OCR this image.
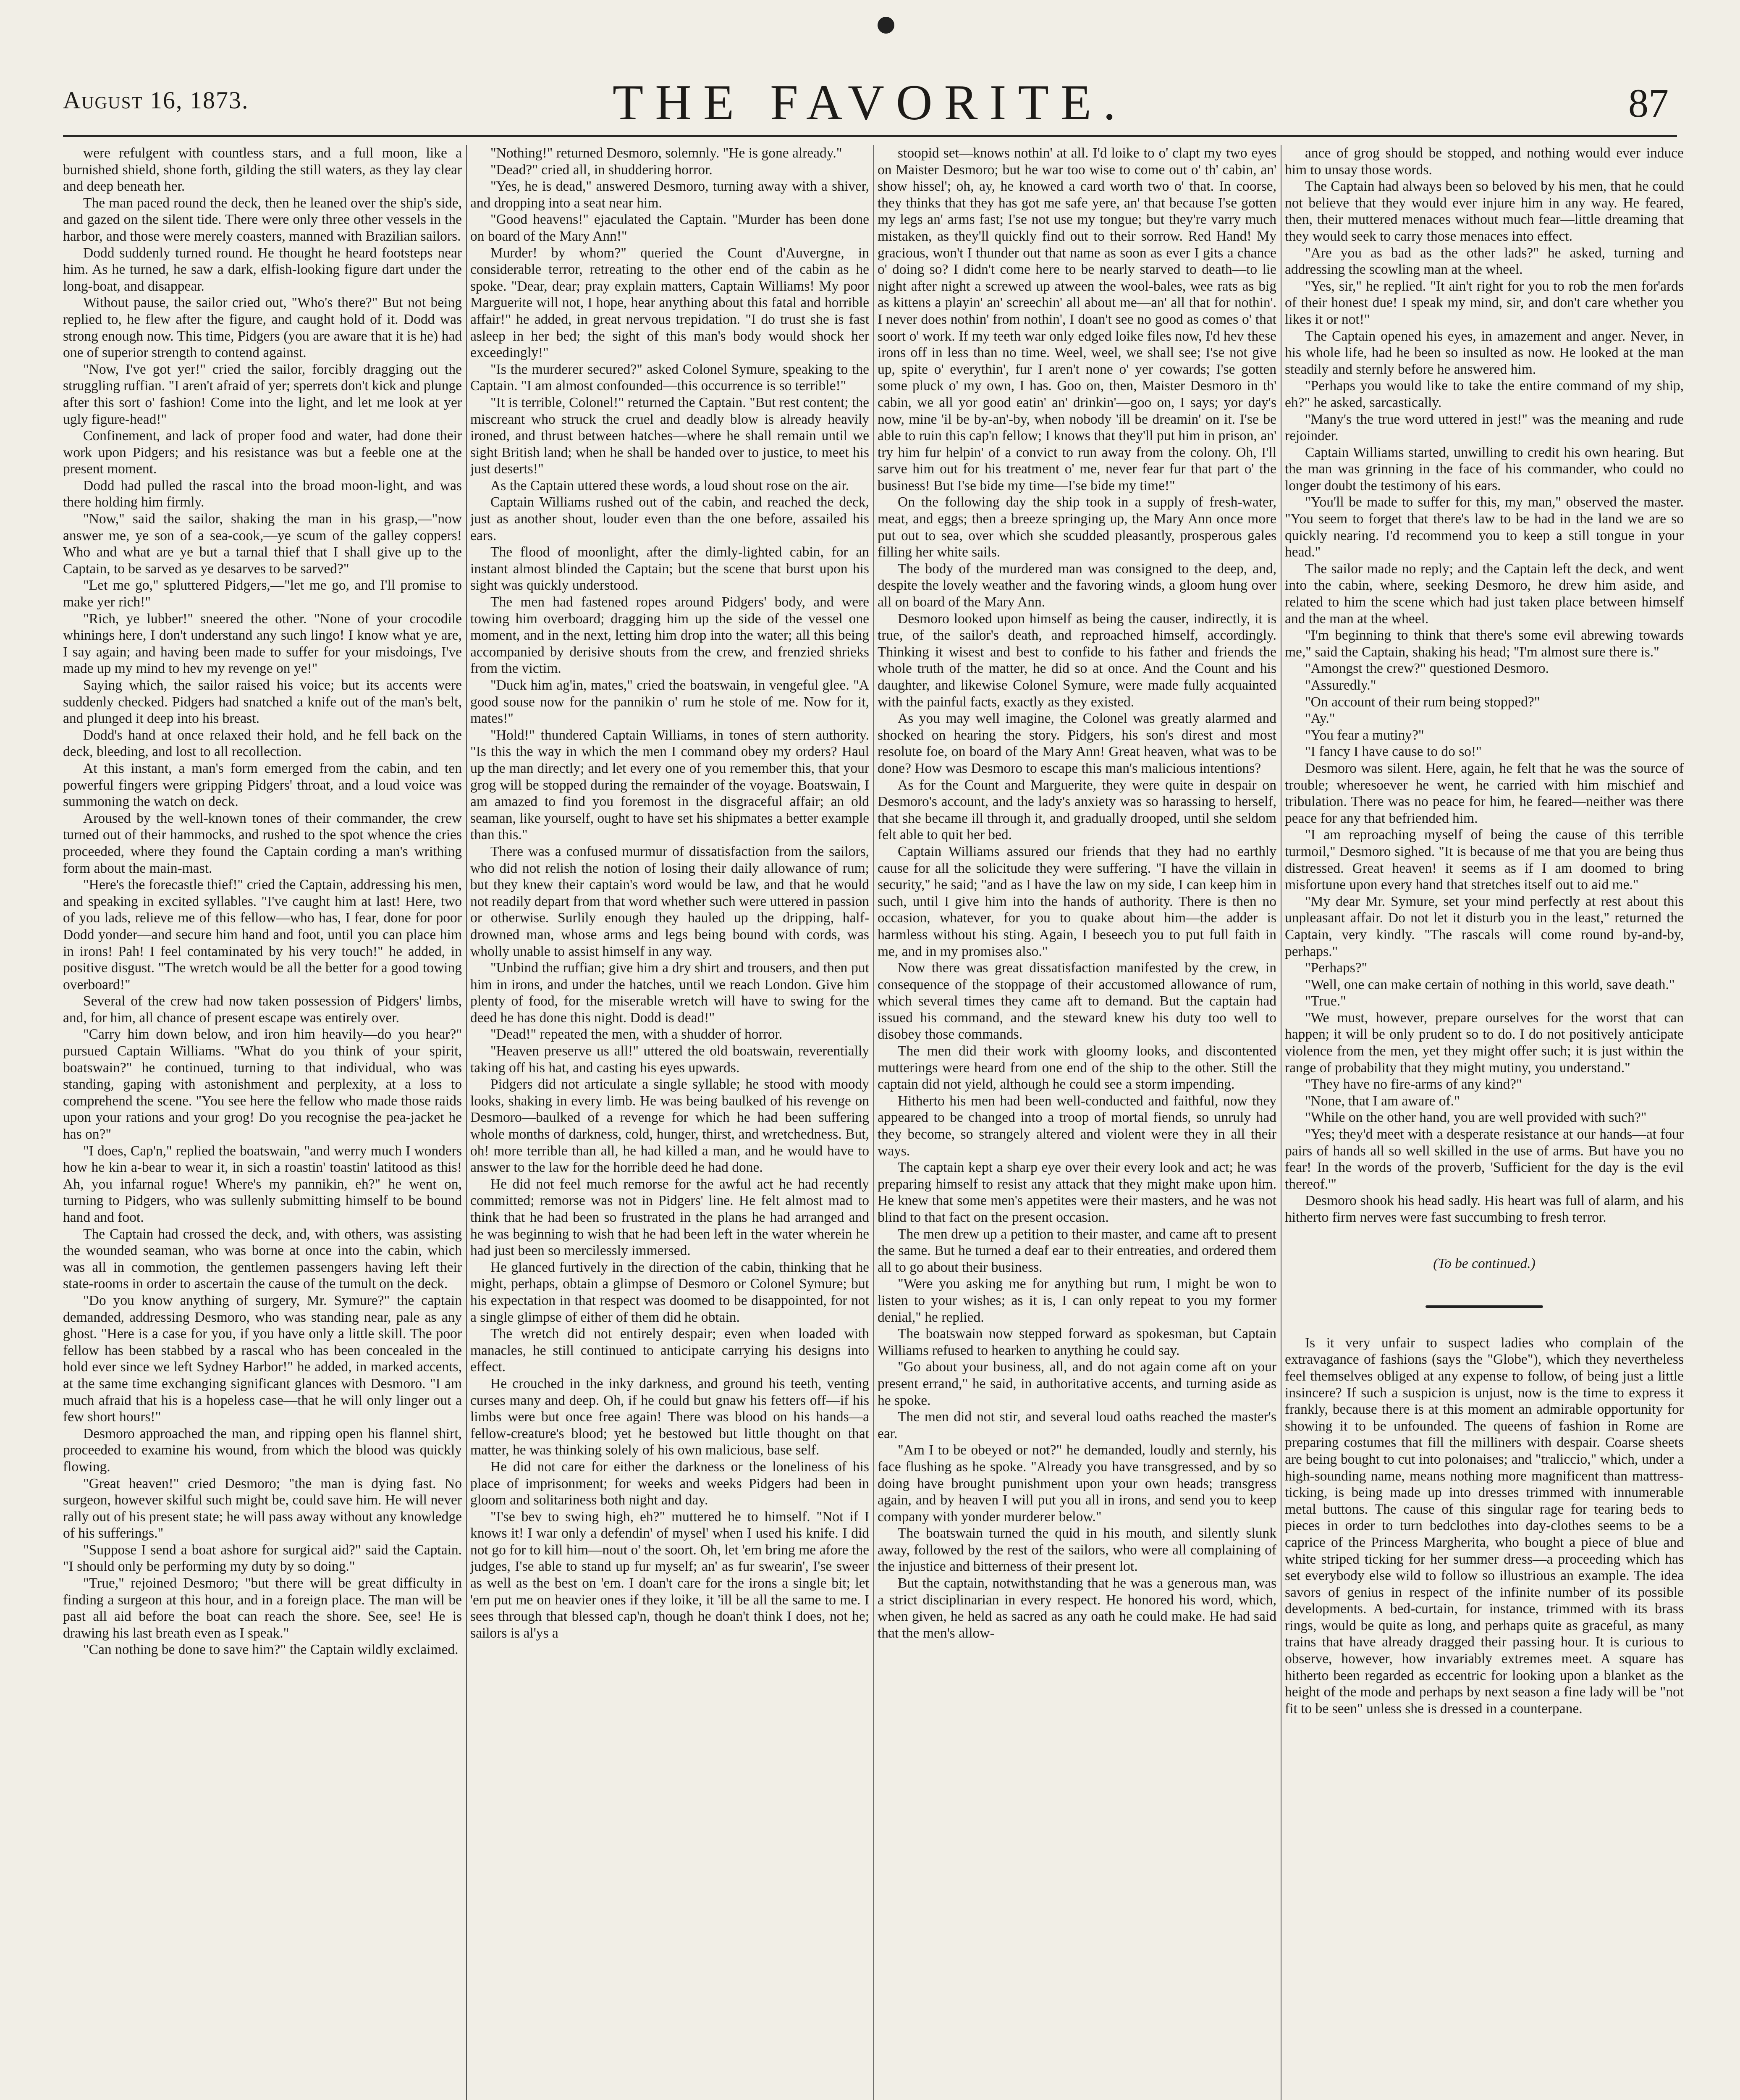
August 16, 1873.	THE FAVORITE.	87

were refulgent with countless stars, and a full moon, like a burnished shield, shone forth, gilding the still waters, as they lay clear and deep beneath her.

The man paced round the deck, then he leaned over the ship's side, and gazed on the silent tide. There were only three other vessels in the harbor, and those were merely coasters, manned with Brazilian sailors.

Dodd suddenly turned round. He thought he heard footsteps near him. As he turned, he saw a dark, elfish-looking figure dart under the long-boat, and disappear.

Without pause, the sailor cried out, "Who's there?" But not being replied to, he flew after the figure, and caught hold of it. Dodd was strong enough now. This time, Pidgers (you are aware that it is he) had one of superior strength to contend against.

"Now, I've got yer!" cried the sailor, forcibly dragging out the struggling ruffian. "I aren't afraid of yer; sperrets don't kick and plunge after this sort o' fashion! Come into the light, and let me look at yer ugly figure-head!"

Confinement, and lack of proper food and water, had done their work upon Pidgers; and his resistance was but a feeble one at the present moment.

Dodd had pulled the rascal into the broad moon-light, and was there holding him firmly.

"Now," said the sailor, shaking the man in his grasp,—"now answer me, ye son of a sea-cook,—ye scum of the galley coppers! Who and what are ye but a tarnal thief that I shall give up to the Captain, to be sarved as ye desarves to be sarved?"

"Let me go," spluttered Pidgers,—"let me go, and I'll promise to make yer rich!"

"Rich, ye lubber!" sneered the other. "None of your crocodile whinings here, I don't understand any such lingo! I know what ye are, I say again; and having been made to suffer for your misdoings, I've made up my mind to hev my revenge on ye!"

Saying which, the sailor raised his voice; but its accents were suddenly checked. Pidgers had snatched a knife out of the man's belt, and plunged it deep into his breast.

Dodd's hand at once relaxed their hold, and he fell back on the deck, bleeding, and lost to all recollection.

At this instant, a man's form emerged from the cabin, and ten powerful fingers were gripping Pidgers' throat, and a loud voice was summoning the watch on deck.

Aroused by the well-known tones of their commander, the crew turned out of their hammocks, and rushed to the spot whence the cries proceeded, where they found the Captain cording a man's writhing form about the main-mast.

"Here's the forecastle thief!" cried the Captain, addressing his men, and speaking in excited syllables. "I've caught him at last! Here, two of you lads, relieve me of this fellow—who has, I fear, done for poor Dodd yonder—and secure him hand and foot, until you can place him in irons! Pah! I feel contaminated by his very touch!" he added, in positive disgust. "The wretch would be all the better for a good towing overboard!"

Several of the crew had now taken possession of Pidgers' limbs, and, for him, all chance of present escape was entirely over.

"Carry him down below, and iron him heavily—do you hear?" pursued Captain Williams. "What do you think of your spirit, boatswain?" he continued, turning to that individual, who was standing, gaping with astonishment and perplexity, at a loss to comprehend the scene. "You see here the fellow who made those raids upon your rations and your grog! Do you recognise the pea-jacket he has on?"

"I does, Cap'n," replied the boatswain, "and werry much I wonders how he kin a-bear to wear it, in sich a roastin' toastin' latitood as this! Ah, you infarnal rogue! Where's my pannikin, eh?" he went on, turning to Pidgers, who was sullenly submitting himself to be bound hand and foot.

The Captain had crossed the deck, and, with others, was assisting the wounded seaman, who was borne at once into the cabin, which was all in commotion, the gentlemen passengers having left their state-rooms in order to ascertain the cause of the tumult on the deck.

"Do you know anything of surgery, Mr. Symure?" the captain demanded, addressing Desmoro, who was standing near, pale as any ghost. "Here is a case for you, if you have only a little skill. The poor fellow has been stabbed by a rascal who has been concealed in the hold ever since we left Sydney Harbor!" he added, in marked accents, at the same time exchanging significant glances with Desmoro. "I am much afraid that his is a hopeless case—that he will only linger out a few short hours!"

Desmoro approached the man, and ripping open his flannel shirt, proceeded to examine his wound, from which the blood was quickly flowing.

"Great heaven!" cried Desmoro; "the man is dying fast. No surgeon, however skilful such might be, could save him. He will never rally out of his present state; he will pass away without any knowledge of his sufferings."

"Suppose I send a boat ashore for surgical aid?" said the Captain. "I should only be performing my duty by so doing."

"True," rejoined Desmoro; "but there will be great difficulty in finding a surgeon at this hour, and in a foreign place. The man will be past all aid before the boat can reach the shore. See, see! He is drawing his last breath even as I speak."

"Can nothing be done to save him?" the Captain wildly exclaimed.

"Nothing!" returned Desmoro, solemnly. "He is gone already."

"Dead?" cried all, in shuddering horror.

"Yes, he is dead," answered Desmoro, turning away with a shiver, and dropping into a seat near him.

"Good heavens!" ejaculated the Captain. "Murder has been done on board of the Mary Ann!"

Murder! by whom?" queried the Count d'Auvergne, in considerable terror, retreating to the other end of the cabin as he spoke. "Dear, dear; pray explain matters, Captain Williams! My poor Marguerite will not, I hope, hear anything about this fatal and horrible affair!" he added, in great nervous trepidation. "I do trust she is fast asleep in her bed; the sight of this man's body would shock her exceedingly!"

"Is the murderer secured?" asked Colonel Symure, speaking to the Captain. "I am almost confounded—this occurrence is so terrible!"

"It is terrible, Colonel!" returned the Captain. "But rest content; the miscreant who struck the cruel and deadly blow is already heavily ironed, and thrust between hatches—where he shall remain until we sight British land; when he shall be handed over to justice, to meet his just deserts!"

As the Captain uttered these words, a loud shout rose on the air.

Captain Williams rushed out of the cabin, and reached the deck, just as another shout, louder even than the one before, assailed his ears.

The flood of moonlight, after the dimly-lighted cabin, for an instant almost blinded the Captain; but the scene that burst upon his sight was quickly understood.

The men had fastened ropes around Pidgers' body, and were towing him overboard; dragging him up the side of the vessel one moment, and in the next, letting him drop into the water; all this being accompanied by derisive shouts from the crew, and frenzied shrieks from the victim.

"Duck him ag'in, mates," cried the boatswain, in vengeful glee. "A good souse now for the pannikin o' rum he stole of me. Now for it, mates!"

"Hold!" thundered Captain Williams, in tones of stern authority. "Is this the way in which the men I command obey my orders? Haul up the man directly; and let every one of you remember this, that your grog will be stopped during the remainder of the voyage. Boatswain, I am amazed to find you foremost in the disgraceful affair; an old seaman, like yourself, ought to have set his shipmates a better example than this."

There was a confused murmur of dissatisfaction from the sailors, who did not relish the notion of losing their daily allowance of rum; but they knew their captain's word would be law, and that he would not readily depart from that word whether such were uttered in passion or otherwise. Surlily enough they hauled up the dripping, half-drowned man, whose arms and legs being bound with cords, was wholly unable to assist himself in any way.

"Unbind the ruffian; give him a dry shirt and trousers, and then put him in irons, and under the hatches, until we reach London. Give him plenty of food, for the miserable wretch will have to swing for the deed he has done this night. Dodd is dead!"

"Dead!" repeated the men, with a shudder of horror.

"Heaven preserve us all!" uttered the old boatswain, reverentially taking off his hat, and casting his eyes upwards.

Pidgers did not articulate a single syllable; he stood with moody looks, shaking in every limb. He was being baulked of his revenge on Desmoro—baulked of a revenge for which he had been suffering whole months of darkness, cold, hunger, thirst, and wretchedness. But, oh! more terrible than all, he had killed a man, and he would have to answer to the law for the horrible deed he had done.

He did not feel much remorse for the awful act he had recently committed; remorse was not in Pidgers' line. He felt almost mad to think that he had been so frustrated in the plans he had arranged and he was beginning to wish that he had been left in the water wherein he had just been so mercilessly immersed.

He glanced furtively in the direction of the cabin, thinking that he might, perhaps, obtain a glimpse of Desmoro or Colonel Symure; but his expectation in that respect was doomed to be disappointed, for not a single glimpse of either of them did he obtain.

The wretch did not entirely despair; even when loaded with manacles, he still continued to anticipate carrying his designs into effect.

He crouched in the inky darkness, and ground his teeth, venting curses many and deep. Oh, if he could but gnaw his fetters off—if his limbs were but once free again! There was blood on his hands—a fellow-creature's blood; yet he bestowed but little thought on that matter, he was thinking solely of his own malicious, base self.

He did not care for either the darkness or the loneliness of his place of imprisonment; for weeks and weeks Pidgers had been in gloom and solitariness both night and day.

"I'se bev to swing high, eh?" muttered he to himself. "Not if I knows it! I war only a defendin' of mysel' when I used his knife. I did not go for to kill him—nout o' the soort. Oh, let 'em bring me afore the judges, I'se able to stand up fur myself; an' as fur swearin', I'se sweer as well as the best on 'em. I doan't care for the irons a single bit; let 'em put me on heavier ones if they loike, it 'ill be all the same to me. I sees through that blessed cap'n, though he doan't think I does, not he; sailors is al'ys a

stoopid set—knows nothin' at all. I'd loike to o' clapt my two eyes on Maister Desmoro; but he war too wise to come out o' th' cabin, an' show hissel'; oh, ay, he knowed a card worth two o' that. In coorse, they thinks that they has got me safe yere, an' that because I'se gotten my legs an' arms fast; I'se not use my tongue; but they're varry much mistaken, as they'll quickly find out to their sorrow. Red Hand! My gracious, won't I thunder out that name as soon as ever I gits a chance o' doing so? I didn't come here to be nearly starved to death—to lie night after night a screwed up atween the wool-bales, wee rats as big as kittens a playin' an' screechin' all about me—an' all that for nothin'. I never does nothin' from nothin', I doan't see no good as comes o' that soort o' work. If my teeth war only edged loike files now, I'd hev these irons off in less than no time. Weel, weel, we shall see; I'se not give up, spite o' everythin', fur I aren't none o' yer cowards; I'se gotten some pluck o' my own, I has. Goo on, then, Maister Desmoro in th' cabin, we all yor good eatin' an' drinkin'—goo on, I says; yor day's now, mine 'il be by-an'-by, when nobody 'ill be dreamin' on it. I'se be able to ruin this cap'n fellow; I knows that they'll put him in prison, an' try him fur helpin' of a convict to run away from the colony. Oh, I'll sarve him out for his treatment o' me, never fear fur that part o' the business! But I'se bide my time—I'se bide my time!"

On the following day the ship took in a supply of fresh-water, meat, and eggs; then a breeze springing up, the Mary Ann once more put out to sea, over which she scudded pleasantly, prosperous gales filling her white sails.

The body of the murdered man was consigned to the deep, and, despite the lovely weather and the favoring winds, a gloom hung over all on board of the Mary Ann.

Desmoro looked upon himself as being the causer, indirectly, it is true, of the sailor's death, and reproached himself, accordingly. Thinking it wisest and best to confide to his father and friends the whole truth of the matter, he did so at once. And the Count and his daughter, and likewise Colonel Symure, were made fully acquainted with the painful facts, exactly as they existed.

As you may well imagine, the Colonel was greatly alarmed and shocked on hearing the story. Pidgers, his son's direst and most resolute foe, on board of the Mary Ann! Great heaven, what was to be done? How was Desmoro to escape this man's malicious intentions?

As for the Count and Marguerite, they were quite in despair on Desmoro's account, and the lady's anxiety was so harassing to herself, that she became ill through it, and gradually drooped, until she seldom felt able to quit her bed.

Captain Williams assured our friends that they had no earthly cause for all the solicitude they were suffering. "I have the villain in security," he said; "and as I have the law on my side, I can keep him in such, until I give him into the hands of authority. There is then no occasion, whatever, for you to quake about him—the adder is harmless without his sting. Again, I beseech you to put full faith in me, and in my promises also."

Now there was great dissatisfaction manifested by the crew, in consequence of the stoppage of their accustomed allowance of rum, which several times they came aft to demand. But the captain had issued his command, and the steward knew his duty too well to disobey those commands.

The men did their work with gloomy looks, and discontented mutterings were heard from one end of the ship to the other. Still the captain did not yield, although he could see a storm impending.

Hitherto his men had been well-conducted and faithful, now they appeared to be changed into a troop of mortal fiends, so unruly had they become, so strangely altered and violent were they in all their ways.

The captain kept a sharp eye over their every look and act; he was preparing himself to resist any attack that they might make upon him. He knew that some men's appetites were their masters, and he was not blind to that fact on the present occasion.

The men drew up a petition to their master, and came aft to present the same. But he turned a deaf ear to their entreaties, and ordered them all to go about their business.

"Were you asking me for anything but rum, I might be won to listen to your wishes; as it is, I can only repeat to you my former denial," he replied.

The boatswain now stepped forward as spokesman, but Captain Williams refused to hearken to anything he could say.

"Go about your business, all, and do not again come aft on your present errand," he said, in authoritative accents, and turning aside as he spoke.

The men did not stir, and several loud oaths reached the master's ear.

"Am I to be obeyed or not?" he demanded, loudly and sternly, his face flushing as he spoke. "Already you have transgressed, and by so doing have brought punishment upon your own heads; transgress again, and by heaven I will put you all in irons, and send you to keep company with yonder murderer below."

The boatswain turned the quid in his mouth, and silently slunk away, followed by the rest of the sailors, who were all complaining of the injustice and bitterness of their present lot.

But the captain, notwithstanding that he was a generous man, was a strict disciplinarian in every respect. He honored his word, which, when given, he held as sacred as any oath he could make. He had said that the men's allow-

ance of grog should be stopped, and nothing would ever induce him to unsay those words.

The Captain had always been so beloved by his men, that he could not believe that they would ever injure him in any way. He feared, then, their muttered menaces without much fear—little dreaming that they would seek to carry those menaces into effect.

"Are you as bad as the other lads?" he asked, turning and addressing the scowling man at the wheel.

"Yes, sir," he replied. "It ain't right for you to rob the men for'ards of their honest due! I speak my mind, sir, and don't care whether you likes it or not!"

The Captain opened his eyes, in amazement and anger. Never, in his whole life, had he been so insulted as now. He looked at the man steadily and sternly before he answered him.

"Perhaps you would like to take the entire command of my ship, eh?" he asked, sarcastically.

"Many's the true word uttered in jest!" was the meaning and rude rejoinder.

Captain Williams started, unwilling to credit his own hearing. But the man was grinning in the face of his commander, who could no longer doubt the testimony of his ears.

"You'll be made to suffer for this, my man," observed the master. "You seem to forget that there's law to be had in the land we are so quickly nearing. I'd recommend you to keep a still tongue in your head."

The sailor made no reply; and the Captain left the deck, and went into the cabin, where, seeking Desmoro, he drew him aside, and related to him the scene which had just taken place between himself and the man at the wheel.

"I'm beginning to think that there's some evil abrewing towards me," said the Captain, shaking his head; "I'm almost sure there is."

"Amongst the crew?" questioned Desmoro.

"Assuredly."

"On account of their rum being stopped?"

"Ay."

"You fear a mutiny?"

"I fancy I have cause to do so!"

Desmoro was silent. Here, again, he felt that he was the source of trouble; wheresoever he went, he carried with him mischief and tribulation. There was no peace for him, he feared—neither was there peace for any that befriended him.

"I am reproaching myself of being the cause of this terrible turmoil," Desmoro sighed. "It is because of me that you are being thus distressed. Great heaven! it seems as if I am doomed to bring misfortune upon every hand that stretches itself out to aid me."

"My dear Mr. Symure, set your mind perfectly at rest about this unpleasant affair. Do not let it disturb you in the least," returned the Captain, very kindly. "The rascals will come round by-and-by, perhaps."

"Perhaps?"

"Well, one can make certain of nothing in this world, save death."

"True."

"We must, however, prepare ourselves for the worst that can happen; it will be only prudent so to do. I do not positively anticipate violence from the men, yet they might offer such; it is just within the range of probability that they might mutiny, you understand."

"They have no fire-arms of any kind?"

"None, that I am aware of."

"While on the other hand, you are well provided with such?"

"Yes; they'd meet with a desperate resistance at our hands—at four pairs of hands all so well skilled in the use of arms. But have you no fear! In the words of the proverb, 'Sufficient for the day is the evil thereof.'"

Desmoro shook his head sadly. His heart was full of alarm, and his hitherto firm nerves were fast succumbing to fresh terror.

(To be continued.)

Is it very unfair to suspect ladies who complain of the extravagance of fashions (says the "Globe"), which they nevertheless feel themselves obliged at any expense to follow, of being just a little insincere? If such a suspicion is unjust, now is the time to express it frankly, because there is at this moment an admirable opportunity for showing it to be unfounded. The queens of fashion in Rome are preparing costumes that fill the milliners with despair. Coarse sheets are being bought to cut into polonaises; and "traliccio," which, under a high-sounding name, means nothing more magnificent than mattress-ticking, is being made up into dresses trimmed with innumerable metal buttons. The cause of this singular rage for tearing beds to pieces in order to turn bedclothes into day-clothes seems to be a caprice of the Princess Margherita, who bought a piece of blue and white striped ticking for her summer dress—a proceeding which has set everybody else wild to follow so illustrious an example. The idea savors of genius in respect of the infinite number of its possible developments. A bed-curtain, for instance, trimmed with its brass rings, would be quite as long, and perhaps quite as graceful, as many trains that have already dragged their passing hour. It is curious to observe, however, how invariably extremes meet. A square has hitherto been regarded as eccentric for looking upon a blanket as the height of the mode and perhaps by next season a fine lady will be "not fit to be seen" unless she is dressed in a counterpane.
